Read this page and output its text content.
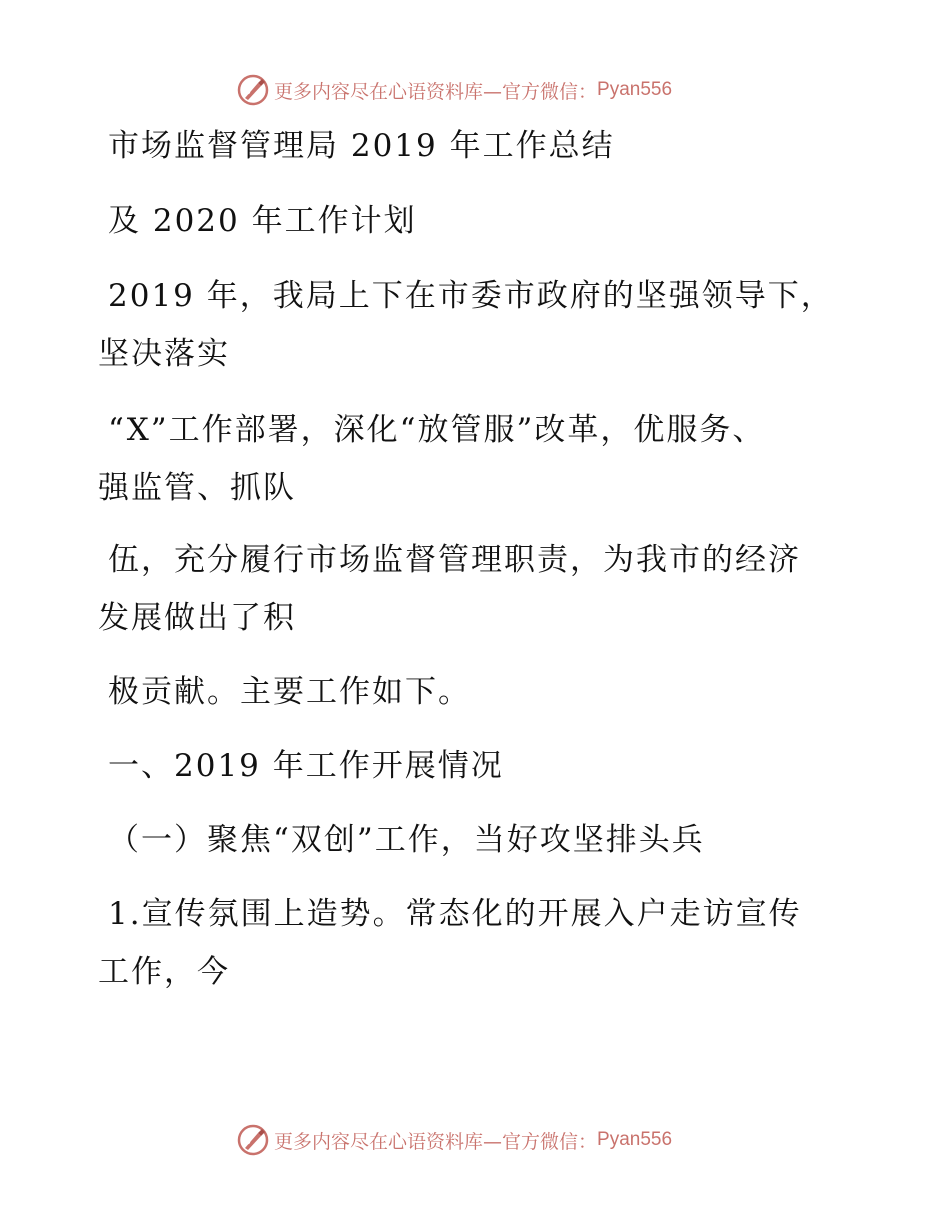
更多内容尽在心语资料库—官方微信： Pyan556
市场监督管理局 2019 年工作总结
及 2020 年工作计划
2019 年，我局上下在市委市政府的坚强领导下，
坚决落实
“X”工作部署，深化“放管服”改革，优服务、
强监管、抓队
伍，充分履行市场监督管理职责，为我市的经济
发展做出了积
极贡献。主要工作如下。
一、2019 年工作开展情况
（一）聚焦“双创”工作，当好攻坚排头兵
1.宣传氛围上造势。常态化的开展入户走访宣传
工作，今
更多内容尽在心语资料库—官方微信： Pyan556
